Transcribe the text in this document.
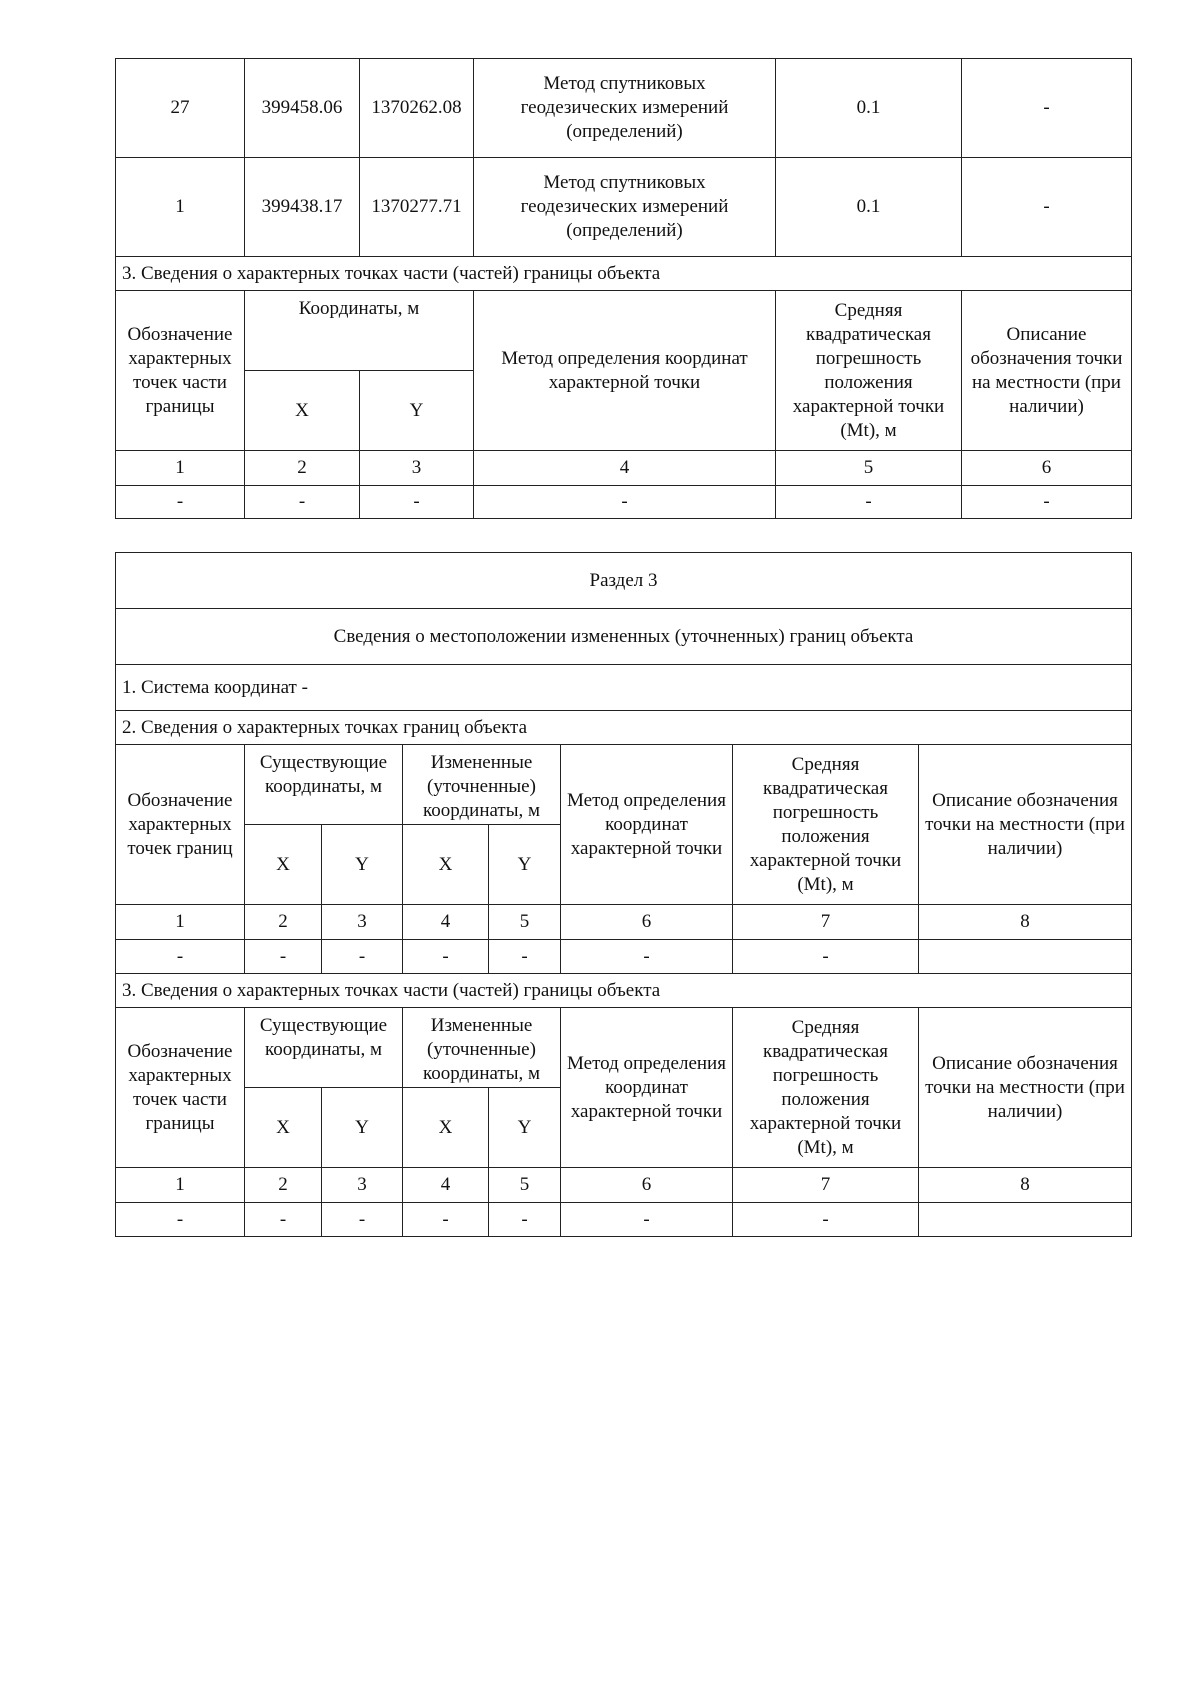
27	399458.06	1370262.08	Метод спутниковых
геодезических измерений
(определений)	0.1	-
1	399438.17	1370277.71	Метод спутниковых
геодезических измерений
(определений)	0.1	-
3. Сведения о характерных точках части (частей) границы объекта					
Обозначение характерных точек части границы	Координаты, м		Метод определения координат характерной точки	Средняя квадратическая погрешность положения характерной точки (Mt), м	Описание обозначения точки на местности (при наличии)
	X	Y			
1	2	3	4	5	6
-	-	-	-	-	-
Раздел 3							
Сведения о местоположении измененных (уточненных) границ объекта							
1. Система координат -							
2. Сведения о характерных точках границ объекта							
Обозначение характерных точек границ	Существующие координаты, м		Измененные (уточненные) координаты, м		Метод определения координат характерной точки	Средняя квадратическая погрешность положения характерной точки (Mt), м	Описание обозначения точки на местности (при наличии)
	X	Y	X	Y			
1	2	3	4	5	6	7	8
-	-	-	-	-	-	-	
3. Сведения о характерных точках части (частей) границы объекта							
Обозначение характерных точек части границы	Существующие координаты, м		Измененные (уточненные) координаты, м		Метод определения координат характерной точки	Средняя квадратическая погрешность положения характерной точки (Mt), м	Описание обозначения точки на местности (при наличии)
	X	Y	X	Y			
1	2	3	4	5	6	7	8
-	-	-	-	-	-	-	
